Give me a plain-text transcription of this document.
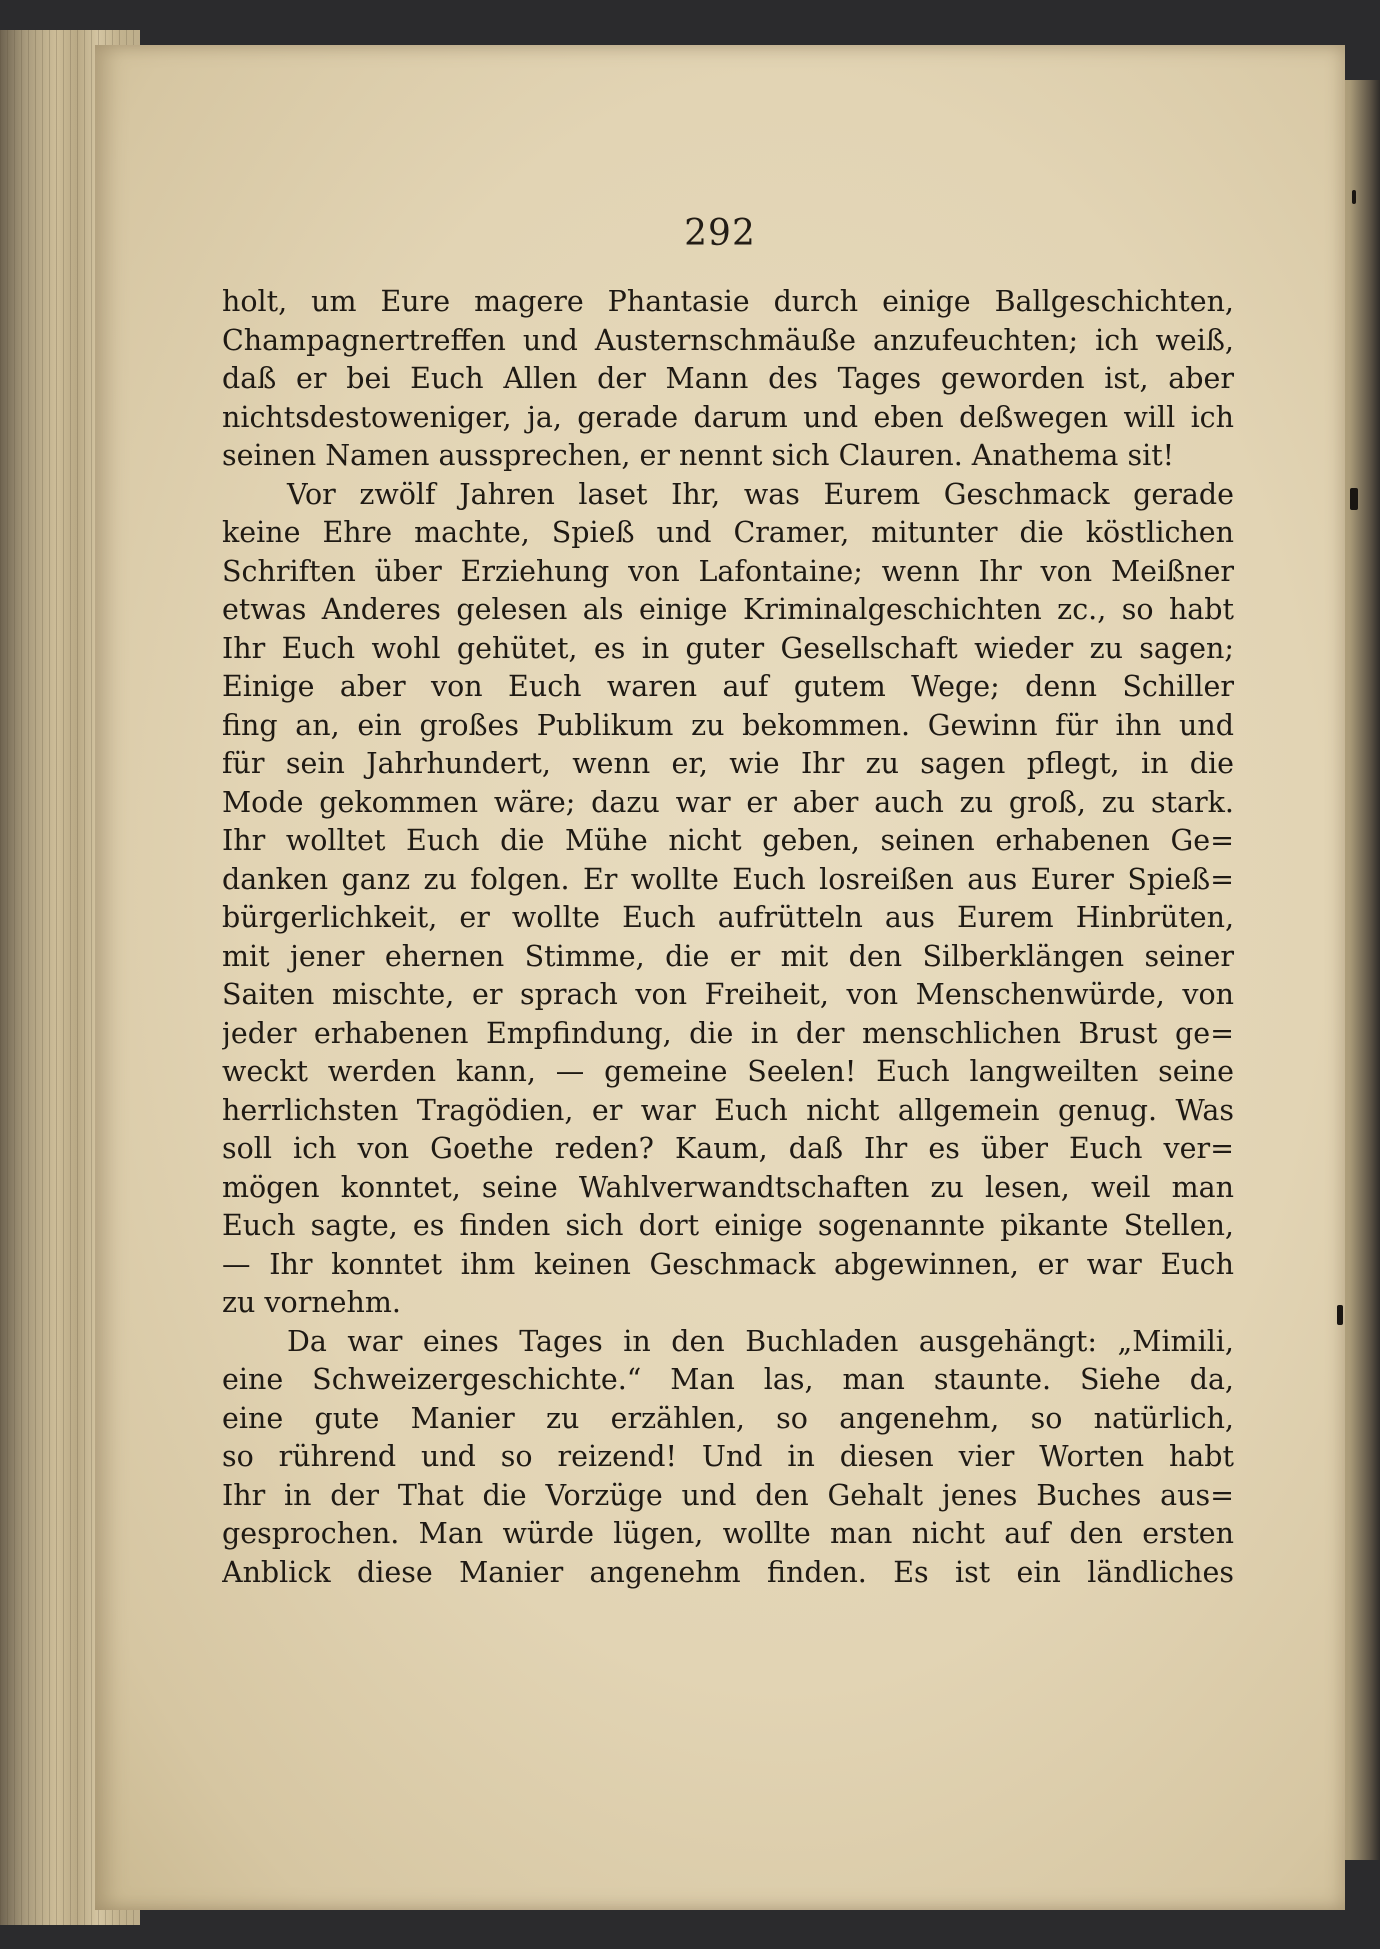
292
holt, um Eure magere Phantasie durch einige Ballgeschichten,
Champagnertreffen und Austernschmäuße anzufeuchten; ich weiß,
daß er bei Euch Allen der Mann des Tages geworden ist, aber
nichtsdestoweniger, ja, gerade darum und eben deßwegen will ich
seinen Namen aussprechen, er nennt sich Clauren. Anathema sit!
Vor zwölf Jahren laset Ihr, was Eurem Geschmack gerade
keine Ehre machte, Spieß und Cramer, mitunter die köstlichen
Schriften über Erziehung von Lafontaine; wenn Ihr von Meißner
etwas Anderes gelesen als einige Kriminalgeschichten zc., so habt
Ihr Euch wohl gehütet, es in guter Gesellschaft wieder zu sagen;
Einige aber von Euch waren auf gutem Wege; denn Schiller
fing an, ein großes Publikum zu bekommen. Gewinn für ihn und
für sein Jahrhundert, wenn er, wie Ihr zu sagen pflegt, in die
Mode gekommen wäre; dazu war er aber auch zu groß, zu stark.
Ihr wolltet Euch die Mühe nicht geben, seinen erhabenen Ge=
danken ganz zu folgen. Er wollte Euch losreißen aus Eurer Spieß=
bürgerlichkeit, er wollte Euch aufrütteln aus Eurem Hinbrüten,
mit jener ehernen Stimme, die er mit den Silberklängen seiner
Saiten mischte, er sprach von Freiheit, von Menschenwürde, von
jeder erhabenen Empfindung, die in der menschlichen Brust ge=
weckt werden kann, — gemeine Seelen! Euch langweilten seine
herrlichsten Tragödien, er war Euch nicht allgemein genug. Was
soll ich von Goethe reden? Kaum, daß Ihr es über Euch ver=
mögen konntet, seine Wahlverwandtschaften zu lesen, weil man
Euch sagte, es finden sich dort einige sogenannte pikante Stellen,
— Ihr konntet ihm keinen Geschmack abgewinnen, er war Euch
zu vornehm.
Da war eines Tages in den Buchladen ausgehängt: „Mimili,
eine Schweizergeschichte.“ Man las, man staunte. Siehe da,
eine gute Manier zu erzählen, so angenehm, so natürlich,
so rührend und so reizend! Und in diesen vier Worten habt
Ihr in der That die Vorzüge und den Gehalt jenes Buches aus=
gesprochen. Man würde lügen, wollte man nicht auf den ersten
Anblick diese Manier angenehm finden. Es ist ein ländliches
